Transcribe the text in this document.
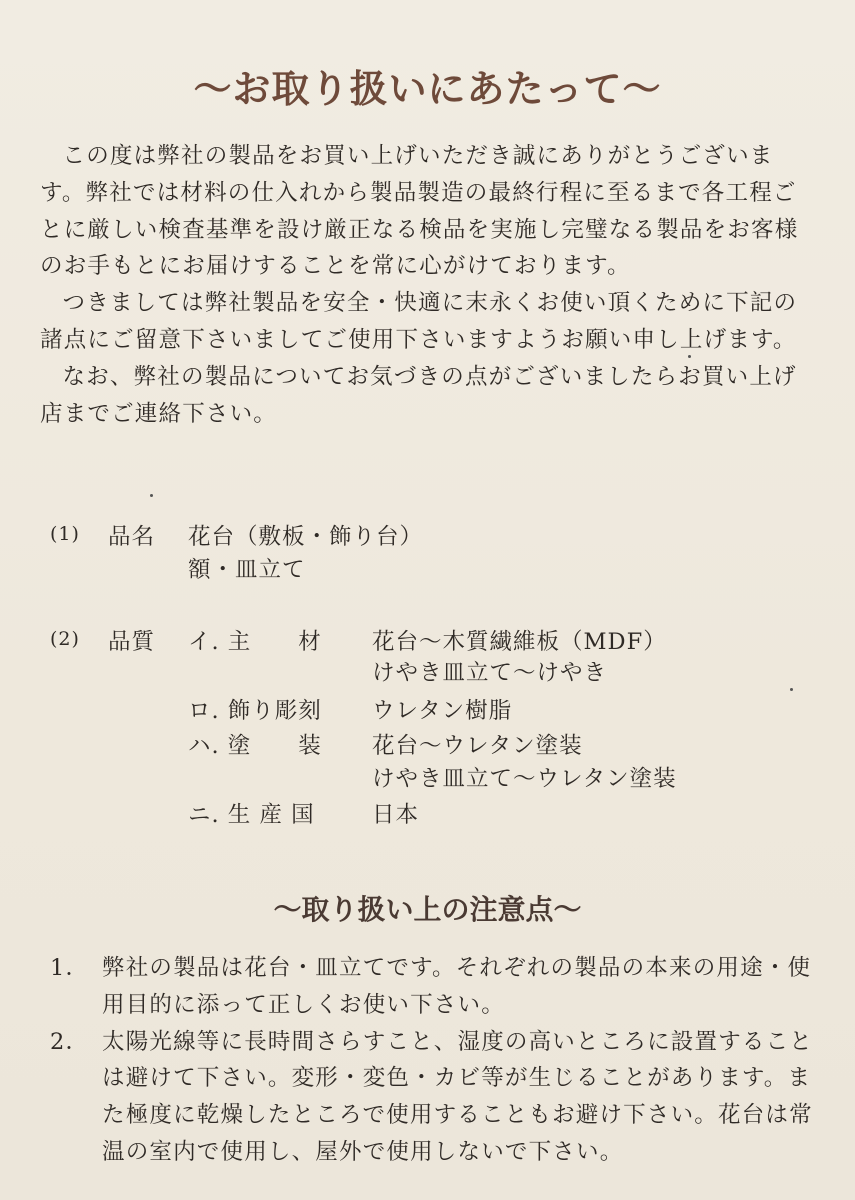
～お取り扱いにあたって～

この度は弊社の製品をお買い上げいただき誠にありがとうございます。弊社では材料の仕入れから製品製造の最終行程に至るまで各工程ごとに厳しい検査基準を設け厳正なる検品を実施し完璧なる製品をお客様のお手もとにお届けすることを常に心がけております。

つきましては弊社製品を安全・快適に末永くお使い頂くために下記の諸点にご留意下さいましてご使用下さいますようお願い申し上げます。

なお、弊社の製品についてお気づきの点がございましたらお買い上げ店までご連絡下さい。

(1) 品名 花台（敷板・飾り台）
額・皿立て
(2) 品質 イ. 主　　材 花台～木質繊維板（MDF）
けやき皿立て～けやき
ロ. 飾り彫刻 ウレタン樹脂
ハ. 塗　　装 花台～ウレタン塗装
けやき皿立て～ウレタン塗装
ニ. 生 産 国	日本
～取り扱い上の注意点～
1． 弊社の製品は花台・皿立てです。それぞれの製品の本来の用途・使用目的に添って正しくお使い下さい。
2． 太陽光線等に長時間さらすこと、湿度の高いところに設置することは避けて下さい。変形・変色・カビ等が生じることがあります。また極度に乾燥したところで使用することもお避け下さい。花台は常温の室内で使用し、屋外で使用しないで下さい。
